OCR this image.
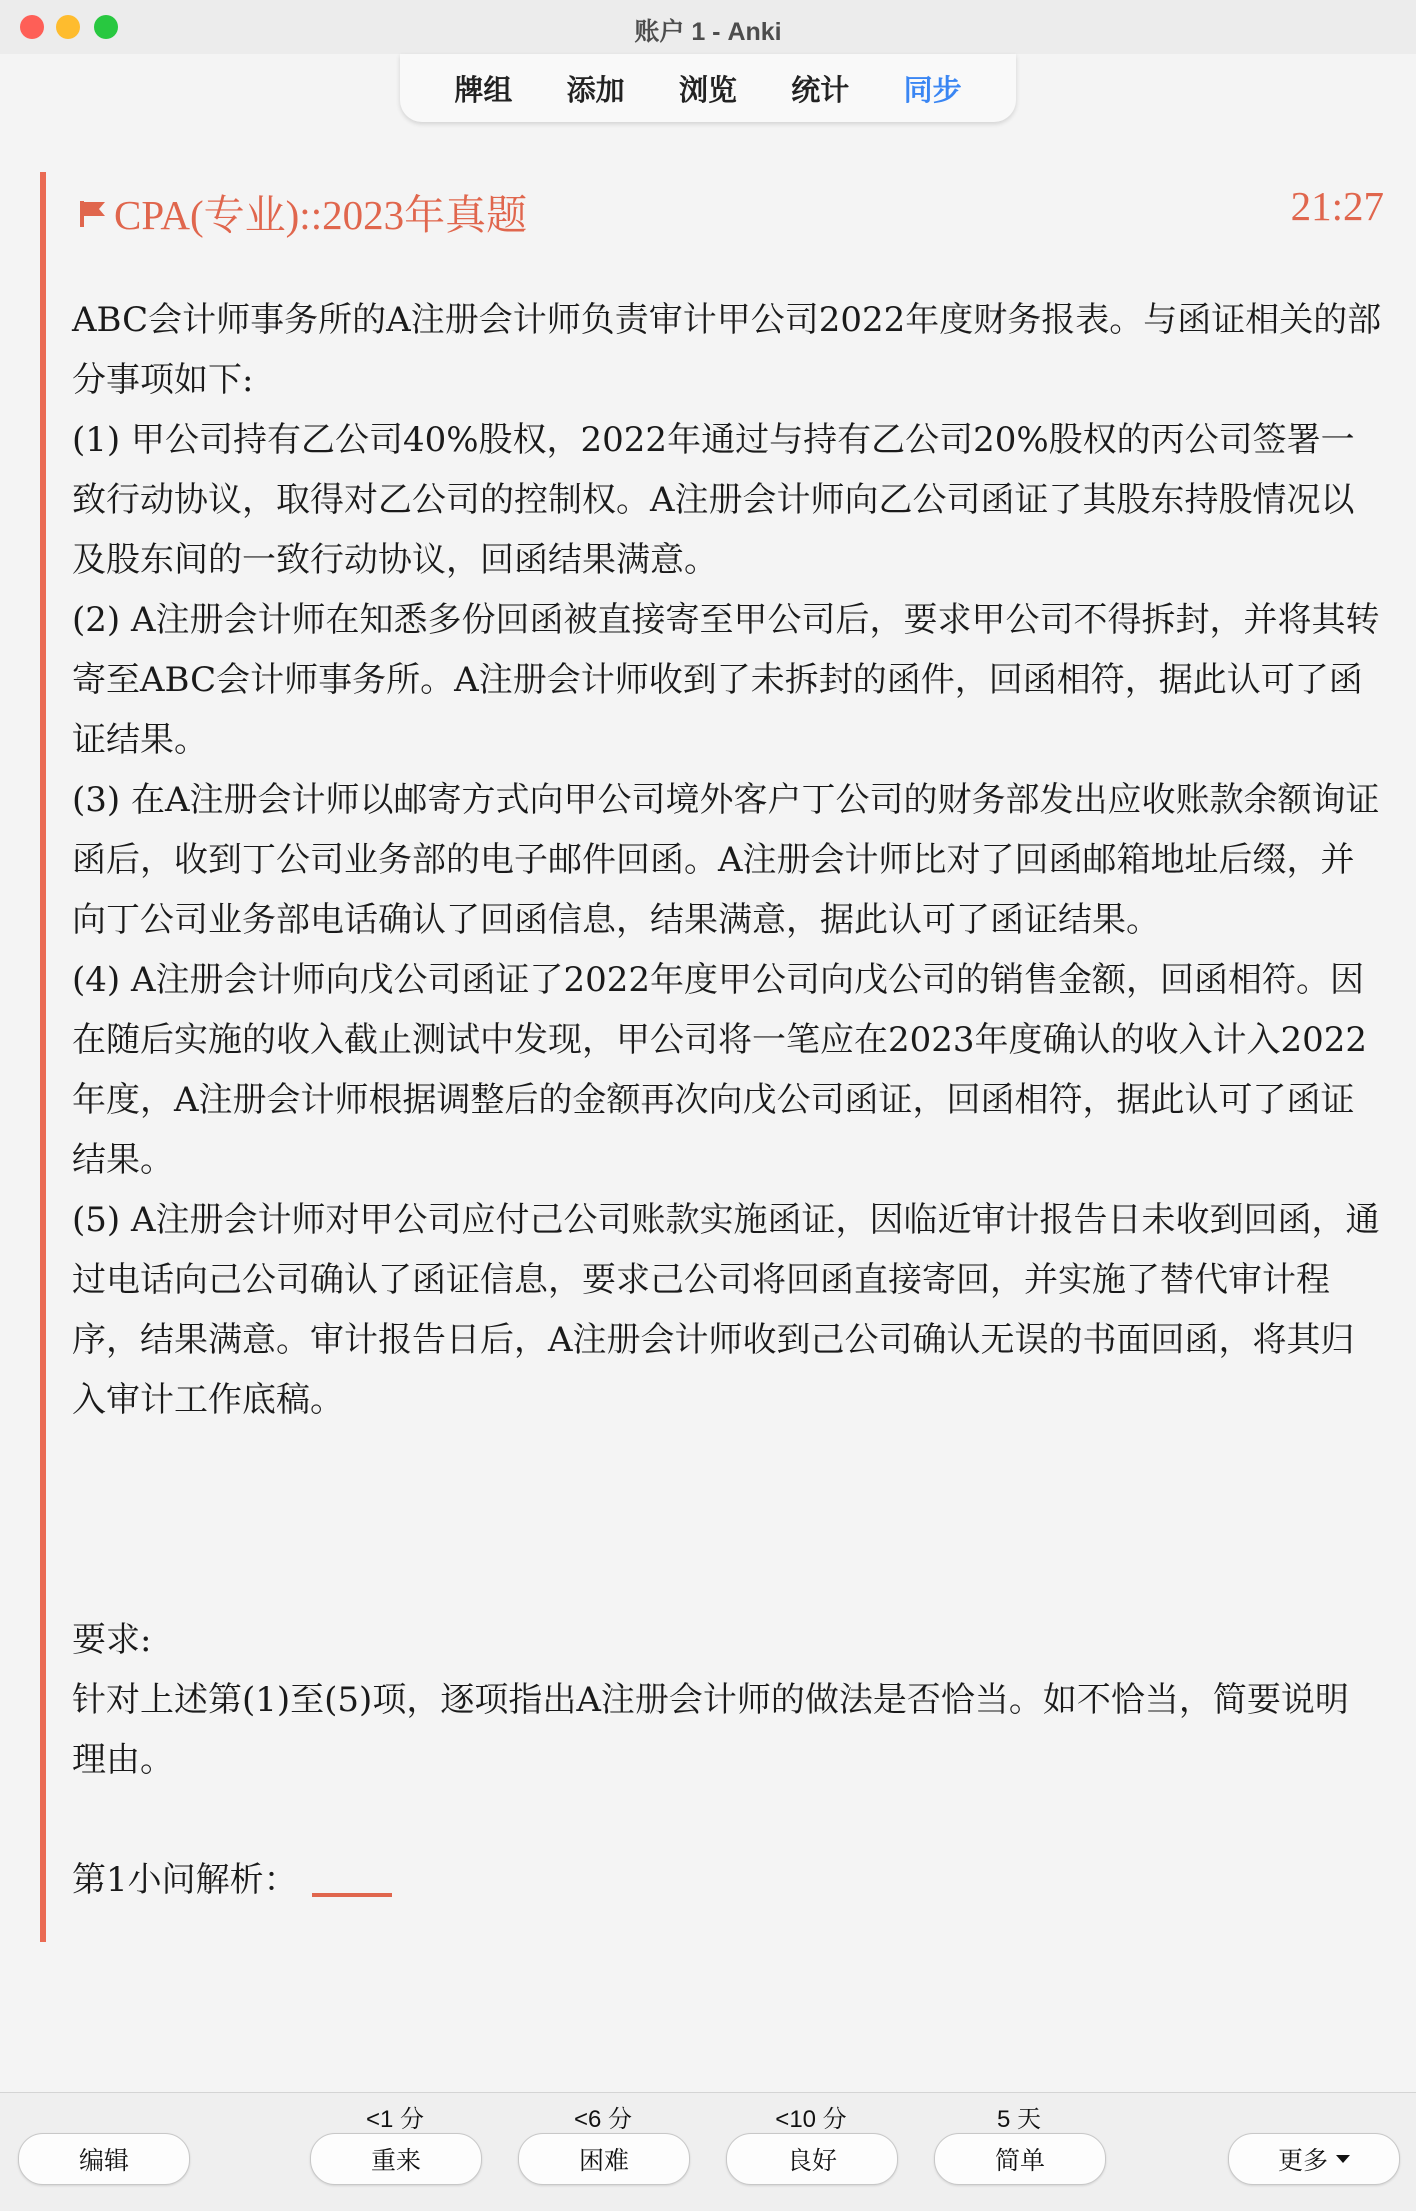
账户 1 - Anki
牌组 添加 浏览 统计 同步
CPA(专业)::2023年真题	21:27

ABC会计师事务所的A注册会计师负责审计甲公司2022年度财务报表。与函证相关的部分事项如下:

(1) 甲公司持有乙公司40%股权，2022年通过与持有乙公司20%股权的丙公司签署一致行动协议，取得对乙公司的控制权。A注册会计师向乙公司函证了其股东持股情况以及股东间的一致行动协议，回函结果满意。

(2) A注册会计师在知悉多份回函被直接寄至甲公司后，要求甲公司不得拆封，并将其转寄至ABC会计师事务所。A注册会计师收到了未拆封的函件，回函相符，据此认可了函证结果。

(3) 在A注册会计师以邮寄方式向甲公司境外客户丁公司的财务部发出应收账款余额询证函后，收到丁公司业务部的电子邮件回函。A注册会计师比对了回函邮箱地址后缀，并向丁公司业务部电话确认了回函信息，结果满意，据此认可了函证结果。

(4) A注册会计师向戊公司函证了2022年度甲公司向戊公司的销售金额，回函相符。因在随后实施的收入截止测试中发现，甲公司将一笔应在2023年度确认的收入计入2022年度，A注册会计师根据调整后的金额再次向戊公司函证，回函相符，据此认可了函证结果。

(5) A注册会计师对甲公司应付己公司账款实施函证，因临近审计报告日未收到回函，通过电话向己公司确认了函证信息，要求己公司将回函直接寄回，并实施了替代审计程序，结果满意。审计报告日后，A注册会计师收到己公司确认无误的书面回函，将其归入审计工作底稿。

要求:

针对上述第(1)至(5)项，逐项指出A注册会计师的做法是否恰当。如不恰当，简要说明理由。

第1小问解析：

<1 分	<6 分	<10 分	5 天
编辑	重来	困难	良好	简单	更多
